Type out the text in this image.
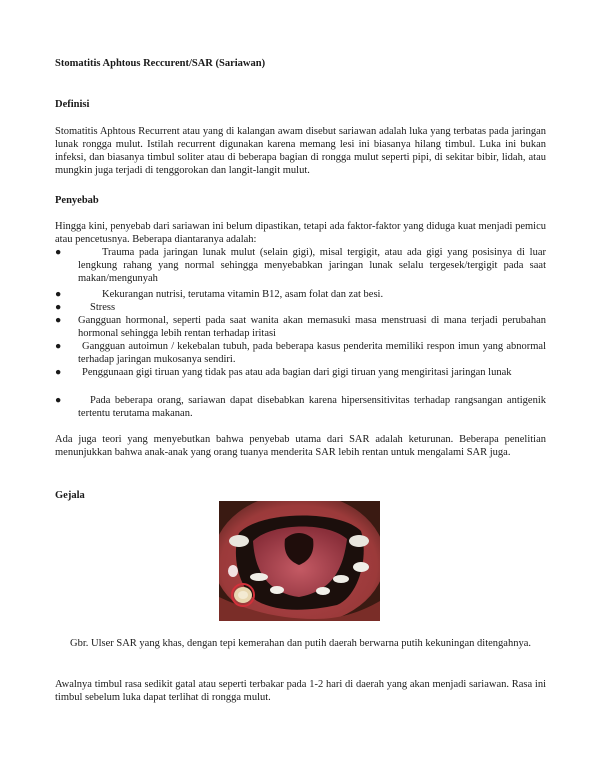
Stomatitis Aphtous Reccurent/SAR (Sariawan)
Definisi
Stomatitis Aphtous Recurrent atau yang di kalangan awam disebut sariawan adalah luka yang terbatas pada jaringan lunak rongga mulut. Istilah recurrent digunakan karena memang lesi ini biasanya hilang timbul. Luka ini bukan infeksi, dan biasanya timbul soliter atau di beberapa bagian di rongga mulut seperti pipi, di sekitar bibir, lidah, atau mungkin juga terjadi di tenggorokan dan langit-langit mulut.
Penyebab
Hingga kini, penyebab dari sariawan ini belum dipastikan, tetapi ada faktor-faktor yang diduga kuat menjadi pemicu atau pencetusnya. Beberapa diantaranya adalah:
●	Trauma pada jaringan lunak mulut (selain gigi), misal tergigit, atau ada gigi yang posisinya di luar lengkung rahang yang normal sehingga menyebabkan jaringan lunak selalu tergesek/tergigit pada saat makan/mengunyah
●	Kekurangan nutrisi, terutama vitamin B12, asam folat dan zat besi.
●	Stress
● Gangguan hormonal, seperti pada saat wanita akan memasuki masa menstruasi di mana terjadi perubahan hormonal sehingga lebih rentan terhadap iritasi
●	Gangguan autoimun / kekebalan tubuh, pada beberapa kasus penderita memiliki respon imun yang abnormal terhadap jaringan mukosanya sendiri.
●	Penggunaan gigi tiruan yang tidak pas atau ada bagian dari gigi tiruan yang mengiritasi jaringan lunak
●	Pada beberapa orang, sariawan dapat disebabkan karena hipersensitivitas terhadap rangsangan antigenik tertentu terutama makanan.
Ada juga teori yang menyebutkan bahwa penyebab utama dari SAR adalah keturunan. Beberapa penelitian menunjukkan bahwa anak-anak yang orang tuanya menderita SAR lebih rentan untuk mengalami SAR juga.
Gejala
Gbr. Ulser SAR yang khas, dengan tepi kemerahan dan putih daerah berwarna putih kekuningan ditengahnya.
Awalnya timbul rasa sedikit gatal atau seperti terbakar pada 1-2 hari di daerah yang akan menjadi sariawan. Rasa ini timbul sebelum luka dapat terlihat di rongga mulut.
